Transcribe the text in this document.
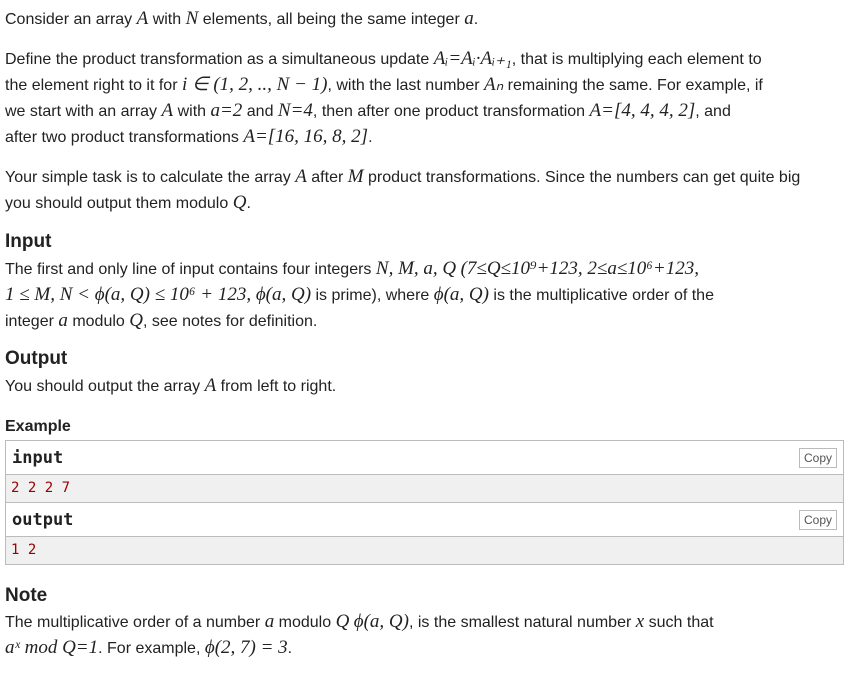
Consider an array A with N elements, all being the same integer a.

Define the product transformation as a simultaneous update Aᵢ=Aᵢ·Aᵢ₊₁, that is multiplying each element to
the element right to it for i ∈ (1, 2, .., N − 1), with the last number Aₙ remaining the same. For example, if
we start with an array A with a=2 and N=4, then after one product transformation A=[4, 4, 4, 2], and
after two product transformations A=[16, 16, 8, 2].

Your simple task is to calculate the array A after M product transformations. Since the numbers can get quite big
you should output them modulo Q.

Input

The first and only line of input contains four integers N, M, a, Q (7≤Q≤10⁹+123, 2≤a≤10⁶+123,
1 ≤ M, N < ϕ(a, Q) ≤ 10⁶ + 123, ϕ(a, Q) is prime), where ϕ(a, Q) is the multiplicative order of the
integer a modulo Q, see notes for definition.

Output

You should output the array A from left to right.

Example
input	Copy
2 2 2 7
output	Copy
1 2
Note

The multiplicative order of a number a modulo Q ϕ(a, Q), is the smallest natural number x such that
aˣ mod Q=1. For example, ϕ(2, 7) = 3.
